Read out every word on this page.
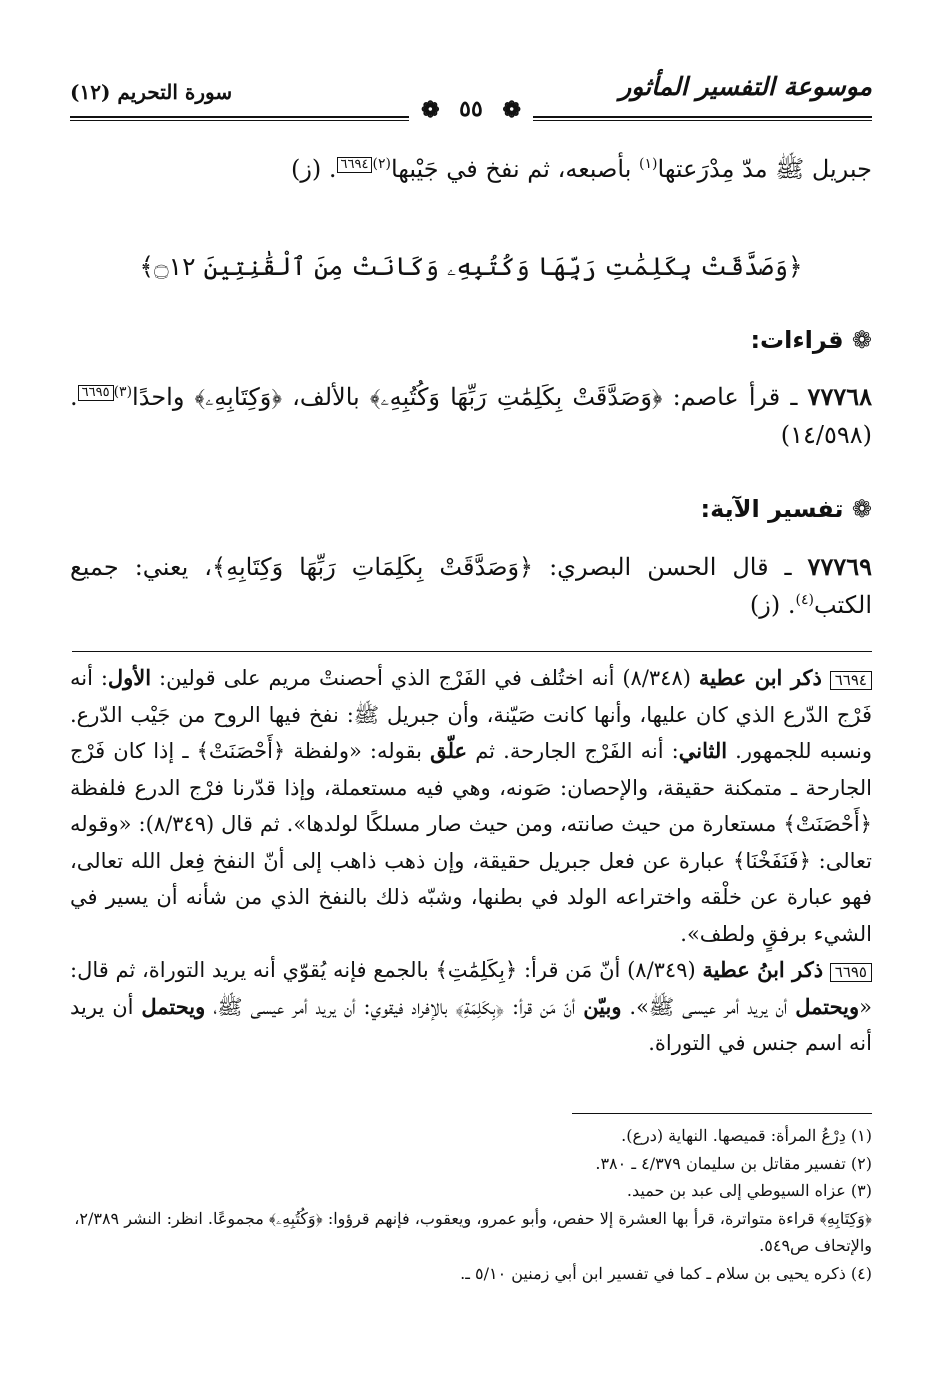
موسوعة التفسير المأثور
سورة التحريم (١٢)
❁ ٥٥ ❁
جبريل ﷺ مدّ مِدْرَعتها$^{(١)}$ بأصبعه، ثم نفخ في جَيْبها$^{(٢)}$٦٦٩٤. (ز)
﴿وَصَدَّقَتْ بِكَلِمَٰتِ رَبِّهَا وَكُتُبِهِۦ وَكَانَتْ مِنَ ٱلْقَٰنِتِينَ ۝١٢﴾
❁ قراءات:
٧٧٧٦٨ ـ قرأ عاصم: ﴿وَصَدَّقَتْ بِكَلِمَٰتِ رَبِّهَا وَكُتُبِهِۦ﴾ بالألف، ﴿وَكِتَابِهِۦ﴾ واحدًا$^{(٣)}$٦٦٩٥. (١٤/٥٩٨)
❁ تفسير الآية:
٧٧٧٦٩ ـ قال الحسن البصري: ﴿وَصَدَّقَتْ بِكَلِمَاتِ رَبِّهَا وَكِتَابِهِ﴾، يعني: جميع الكتب$^{(٤)}$. (ز)
٦٦٩٤ ذكر ابن عطية (٨/٣٤٨) أنه اختُلف في الفَرْج الذي أحصنتْ مريم على قولين: الأول: أنه فَرْج الدّرع الذي كان عليها، وأنها كانت صَيّنة، وأن جبريل ﷺ: نفخ فيها الروح من جَيْب الدّرع. ونسبه للجمهور. الثاني: أنه الفَرْج الجارحة. ثم علّق بقوله: «ولفظة ﴿أَحْصَنَتْ﴾ ـ إذا كان فَرْج الجارحة ـ متمكنة حقيقة، والإحصان: صَونه، وهي فيه مستعملة، وإذا قدّرنا فرْج الدرع فلفظة ﴿أَحْصَنَتْ﴾ مستعارة من حيث صانته، ومن حيث صار مسلكًا لولدها». ثم قال (٨/٣٤٩): «وقوله تعالى: ﴿فَنَفَخْنَا﴾ عبارة عن فعل جبريل حقيقة، وإن ذهب ذاهب إلى أنّ النفخ فِعل الله تعالى، فهو عبارة عن خلْقه واختراعه الولد في بطنها، وشبّه ذلك بالنفخ الذي من شأنه أن يسير في الشيء برفقٍ ولطف».
٦٦٩٥ ذكر ابنُ عطية (٨/٣٤٩) أنّ مَن قرأ: ﴿بِكَلِمَٰتِ﴾ بالجمع فإنه يُقوّي أنه يريد التوراة، ثم قال: «ويحتمل أن يريد أمر عيسى ﷺ». وبيّن أنّ مَن قرأ: ﴿بِكَلِمَةِ﴾ بالإفراد فيقوي: أن يريد أمر عيسى ﷺ، ويحتمل أن يريد أنه اسم جنس في التوراة.

(١) دِرْعُ المرأة: قميصها. النهاية (درع).

(٢) تفسير مقاتل بن سليمان ٤/٣٧٩ ـ ٣٨٠.

(٣) عزاه السيوطي إلى عبد بن حميد.

﴿وَكِتَابِهِ﴾ قراءة متواترة، قرأ بها العشرة إلا حفص، وأبو عمرو، ويعقوب، فإنهم قرؤوا: ﴿وَكُتُبِهِۦ﴾ مجموعًا. انظر: النشر ٢/٣٨٩، والإتحاف ص٥٤٩.

(٤) ذكره يحيى بن سلام ـ كما في تفسير ابن أبي زمنين ٥/١٠ ـ.
